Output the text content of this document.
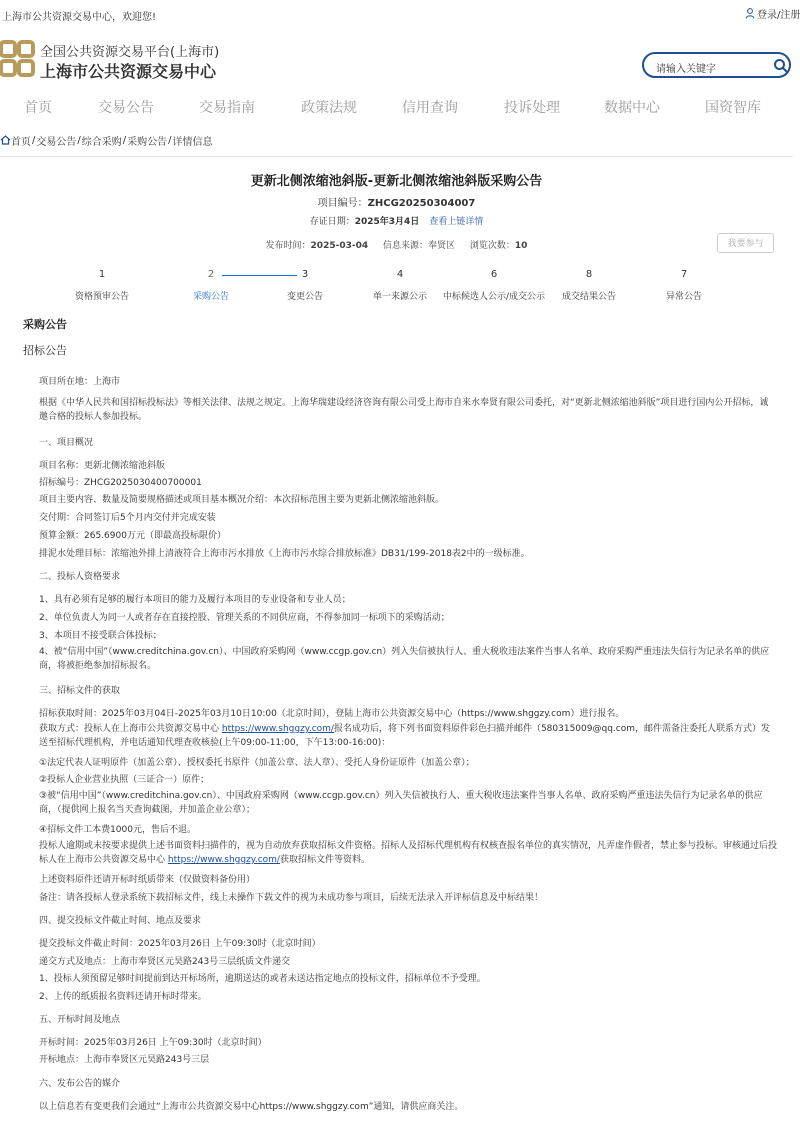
上海市公共资源交易中心，欢迎您!	登录/注册
全国公共资源交易平台(上海市)
上海市公共资源交易中心	请输入关键字
首页	交易公告	交易指南	政策法规	信用查询	投诉处理	数据中心	国资智库
首页 / 交易公告 / 综合采购 / 采购公告 / 详情信息
更新北侧浓缩池斜版-更新北侧浓缩池斜版采购公告
项目编号：ZHCG20250304007
存证日期：2025年3月4日 查看上链详情
发布时间：2025-03-04 信息来源：奉贤区 浏览次数：10	我要参与
1
资格预审公告
2
采购公告
3
变更公告
4
单一来源公示
6
中标候选人公示/成交公示
8
成交结果公告
7
异常公告
采购公告
招标公告

项目所在地：上海市

根据《中华人民共和国招标投标法》等相关法律、法规之规定。上海华瑞建设经济咨询有限公司受上海市自来水奉贤有限公司委托，对“更新北侧浓缩池斜版”项目进行国内公开招标，诚邀合格的投标人参加投标。

一、项目概况

项目名称：更新北侧浓缩池斜版

招标编号：ZHCG2025030400700001

项目主要内容、数量及简要规格描述或项目基本概况介绍：本次招标范围主要为更新北侧浓缩池斜版。

交付期：合同签订后5个月内交付并完成安装

预算金额：265.6900万元（即最高投标限价）

排泥水处理目标：浓缩池外排上清液符合上海市污水排放《上海市污水综合排放标准》DB31/199-2018表2中的一级标准。

二、投标人资格要求

1、具有必须有足够的履行本项目的能力及履行本项目的专业设备和专业人员；

2、单位负责人为同一人或者存在直接控股、管理关系的不同供应商，不得参加同一标项下的采购活动；

3、本项目不接受联合体投标；

4、被“信用中国”（www.creditchina.gov.cn）、中国政府采购网（www.ccgp.gov.cn）列入失信被执行人、重大税收违法案件当事人名单、政府采购严重违法失信行为记录名单的供应商，将被拒绝参加招标报名。

三、招标文件的获取

招标获取时间：2025年03月04日-2025年03月10日10:00（北京时间），登陆上海市公共资源交易中心（https://www.shggzy.com）进行报名。

获取方式：投标人在上海市公共资源交易中心 https://www.shggzy.com/报名成功后，将下列书面资料原件彩色扫描并邮件（580315009@qq.com，邮件需备注委托人联系方式）发送至招标代理机构，并电话通知代理查收核验(上午09:00-11:00，下午13:00-16:00)：

①法定代表人证明原件（加盖公章）、授权委托书原件（加盖公章、法人章）、受托人身份证原件（加盖公章）；

②投标人企业营业执照（三证合一）原件；

③被“信用中国”（www.creditchina.gov.cn）、中国政府采购网（www.ccgp.gov.cn）列入失信被执行人、重大税收违法案件当事人名单、政府采购严重违法失信行为记录名单的供应商，（提供网上报名当天查询截图，并加盖企业公章）；

④招标文件工本费1000元，售后不退。

投标人逾期或未按要求提供上述书面资料扫描件的，视为自动放弃获取招标文件资格。招标人及招标代理机构有权核查报名单位的真实情况，凡弄虚作假者，禁止参与投标。审核通过后投标人在上海市公共资源交易中心 https://www.shggzy.com/获取招标文件等资料。

上述资料原件还请开标时纸质带来（仅做资料备份用）

备注：请各投标人登录系统下载招标文件，线上未操作下载文件的视为未成功参与项目，后续无法录入开评标信息及中标结果！

四、提交投标文件截止时间、地点及要求

提交投标文件截止时间：2025年03月26日 上午09:30时（北京时间）

递交方式及地点：上海市奉贤区元昊路243号三层纸质文件递交

1、投标人须预留足够时间提前到达开标场所，逾期送达的或者未送达指定地点的投标文件，招标单位不予受理。

2、上传的纸质报名资料还请开标时带来。

五、开标时间及地点

开标时间：2025年03月26日 上午09:30时（北京时间）

开标地点：上海市奉贤区元昊路243号三层

六、发布公告的媒介

以上信息若有变更我们会通过“上海市公共资源交易中心https://www.shggzy.com”通知，请供应商关注。
